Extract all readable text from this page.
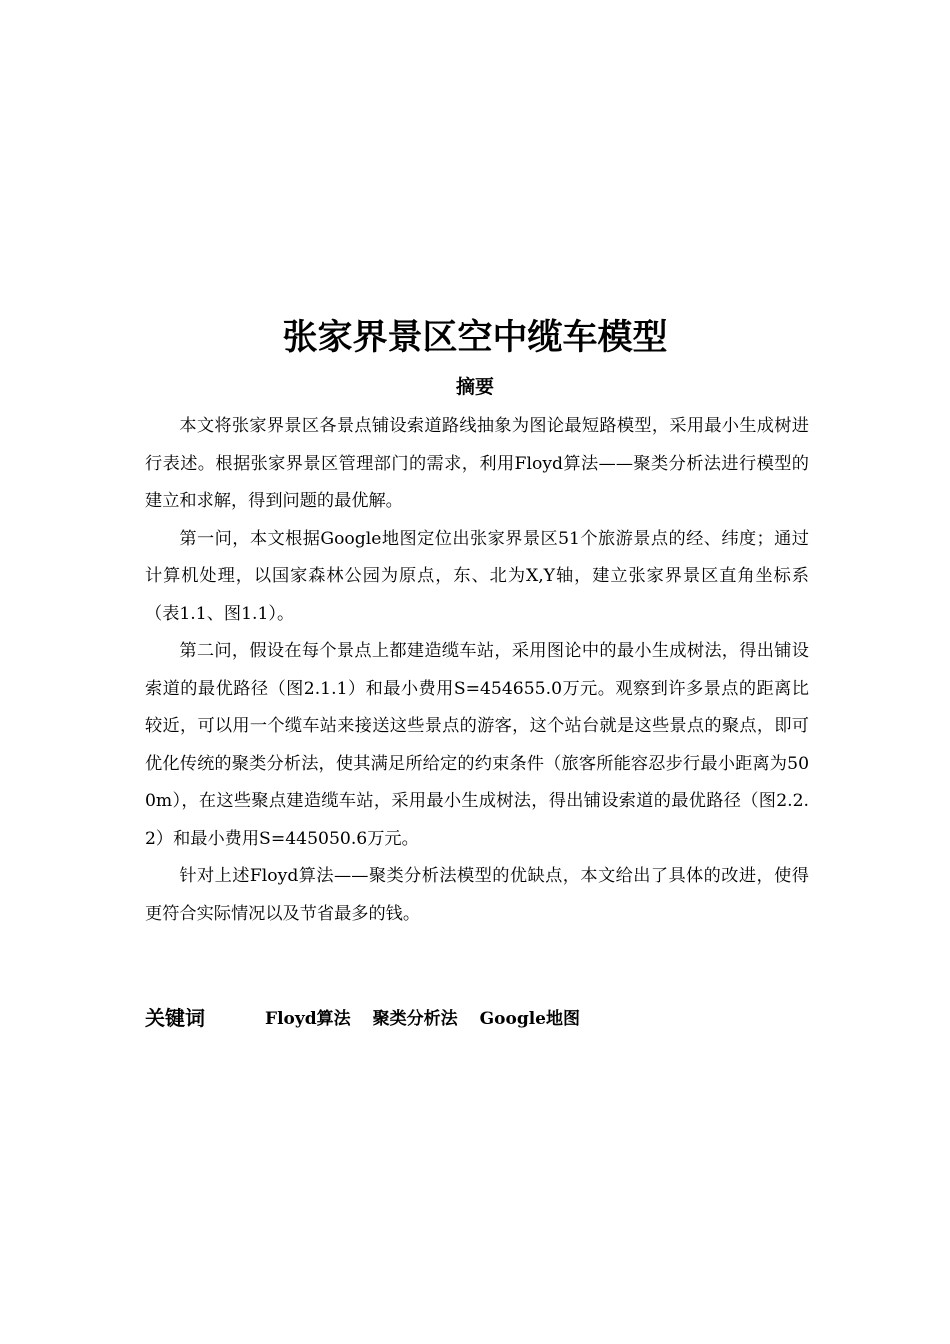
张家界景区空中缆车模型
摘要

本文将张家界景区各景点铺设索道路线抽象为图论最短路模型，采用最小生成树进行表述。根据张家界景区管理部门的需求，利用Floyd算法——聚类分析法进行模型的建立和求解，得到问题的最优解。

第一问，本文根据Google地图定位出张家界景区51个旅游景点的经、纬度；通过计算机处理，以国家森林公园为原点，东、北为X,Y轴，建立张家界景区直角坐标系（表1.1、图1.1）。

第二问，假设在每个景点上都建造缆车站，采用图论中的最小生成树法，得出铺设索道的最优路径（图2.1.1）和最小费用S=454655.0万元。观察到许多景点的距离比较近，可以用一个缆车站来接送这些景点的游客，这个站台就是这些景点的聚点，即可优化传统的聚类分析法，使其满足所给定的约束条件（旅客所能容忍步行最小距离为500m），在这些聚点建造缆车站，采用最小生成树法，得出铺设索道的最优路径（图2.2.2）和最小费用S=445050.6万元。

针对上述Floyd算法——聚类分析法模型的优缺点，本文给出了具体的改进，使得更符合实际情况以及节省最多的钱。

关键词	Floyd算法 聚类分析法 Google地图
